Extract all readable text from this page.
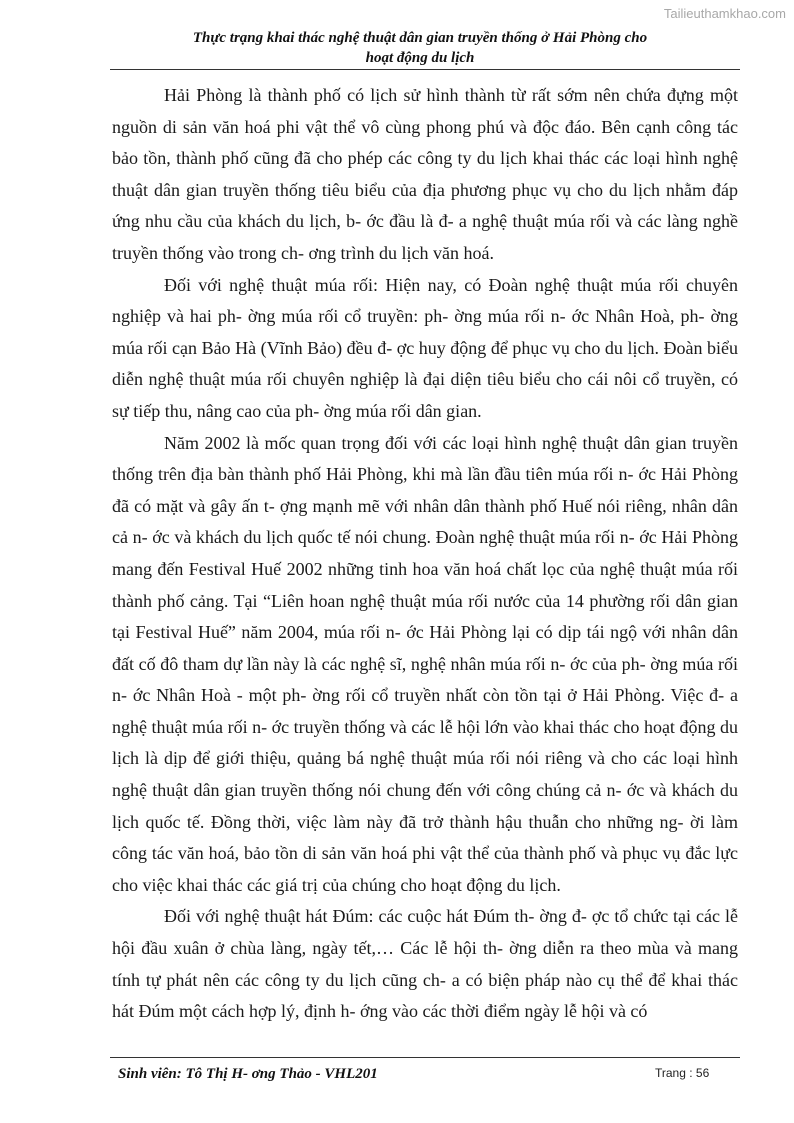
Tailieuthamkhao.com
Thực trạng khai thác nghệ thuật dân gian truyền thống ở Hải Phòng cho
hoạt động du lịch

Hải Phòng là thành phố có lịch sử hình thành từ rất sớm nên chứa đựng một nguồn di sản văn hoá phi vật thể vô cùng phong phú và độc đáo. Bên cạnh công tác bảo tồn, thành phố cũng đã cho phép các công ty du lịch khai thác các loại hình nghệ thuật dân gian truyền thống tiêu biểu của địa phương phục vụ cho du lịch nhằm đáp ứng nhu cầu của khách du lịch, b- ớc đầu là đ- a nghệ thuật múa rối và các làng nghề truyền thống vào trong ch- ơng trình du lịch văn hoá.

Đối với nghệ thuật múa rối: Hiện nay, có Đoàn nghệ thuật múa rối chuyên nghiệp và hai ph- ờng múa rối cổ truyền: ph- ờng múa rối n- ớc Nhân Hoà, ph- ờng múa rối cạn Bảo Hà (Vĩnh Bảo) đều đ- ợc huy động để phục vụ cho du lịch. Đoàn biểu diễn nghệ thuật múa rối chuyên nghiệp là đại diện tiêu biểu cho cái nôi cổ truyền, có sự tiếp thu, nâng cao của ph- ờng múa rối dân gian.

Năm 2002 là mốc quan trọng đối với các loại hình nghệ thuật dân gian truyền thống trên địa bàn thành phố Hải Phòng, khi mà lần đầu tiên múa rối n- ớc Hải Phòng đã có mặt và gây ấn t- ợng mạnh mẽ với nhân dân thành phố Huế nói riêng, nhân dân cả n- ớc và khách du lịch quốc tế nói chung. Đoàn nghệ thuật múa rối n- ớc Hải Phòng mang đến Festival Huế 2002 những tinh hoa văn hoá chất lọc của nghệ thuật múa rối thành phố cảng. Tại “Liên hoan nghệ thuật múa rối nước của 14 phường rối dân gian tại Festival Huế” năm 2004, múa rối n- ớc Hải Phòng lại có dịp tái ngộ với nhân dân đất cố đô tham dự lần này là các nghệ sĩ, nghệ nhân múa rối n- ớc của ph- ờng múa rối n- ớc Nhân Hoà - một ph- ờng rối cổ truyền nhất còn tồn tại ở Hải Phòng. Việc đ- a nghệ thuật múa rối n- ớc truyền thống và các lễ hội lớn vào khai thác cho hoạt động du lịch là dịp để giới thiệu, quảng bá nghệ thuật múa rối nói riêng và cho các loại hình nghệ thuật dân gian truyền thống nói chung đến với công chúng cả n- ớc và khách du lịch quốc tế. Đồng thời, việc làm này đã trở thành hậu thuẫn cho những ng- ời làm công tác văn hoá, bảo tồn di sản văn hoá phi vật thể của thành phố và phục vụ đắc lực cho việc khai thác các giá trị của chúng cho hoạt động du lịch.

Đối với nghệ thuật hát Đúm: các cuộc hát Đúm th- ờng đ- ợc tổ chức tại các lễ hội đầu xuân ở chùa làng, ngày tết,… Các lễ hội th- ờng diễn ra theo mùa và mang tính tự phát nên các công ty du lịch cũng ch- a có biện pháp nào cụ thể để khai thác hát Đúm một cách hợp lý, định h- ớng vào các thời điểm ngày lễ hội và có

Sinh viên: Tô Thị H- ơng Thảo - VHL201	Trang : 56
